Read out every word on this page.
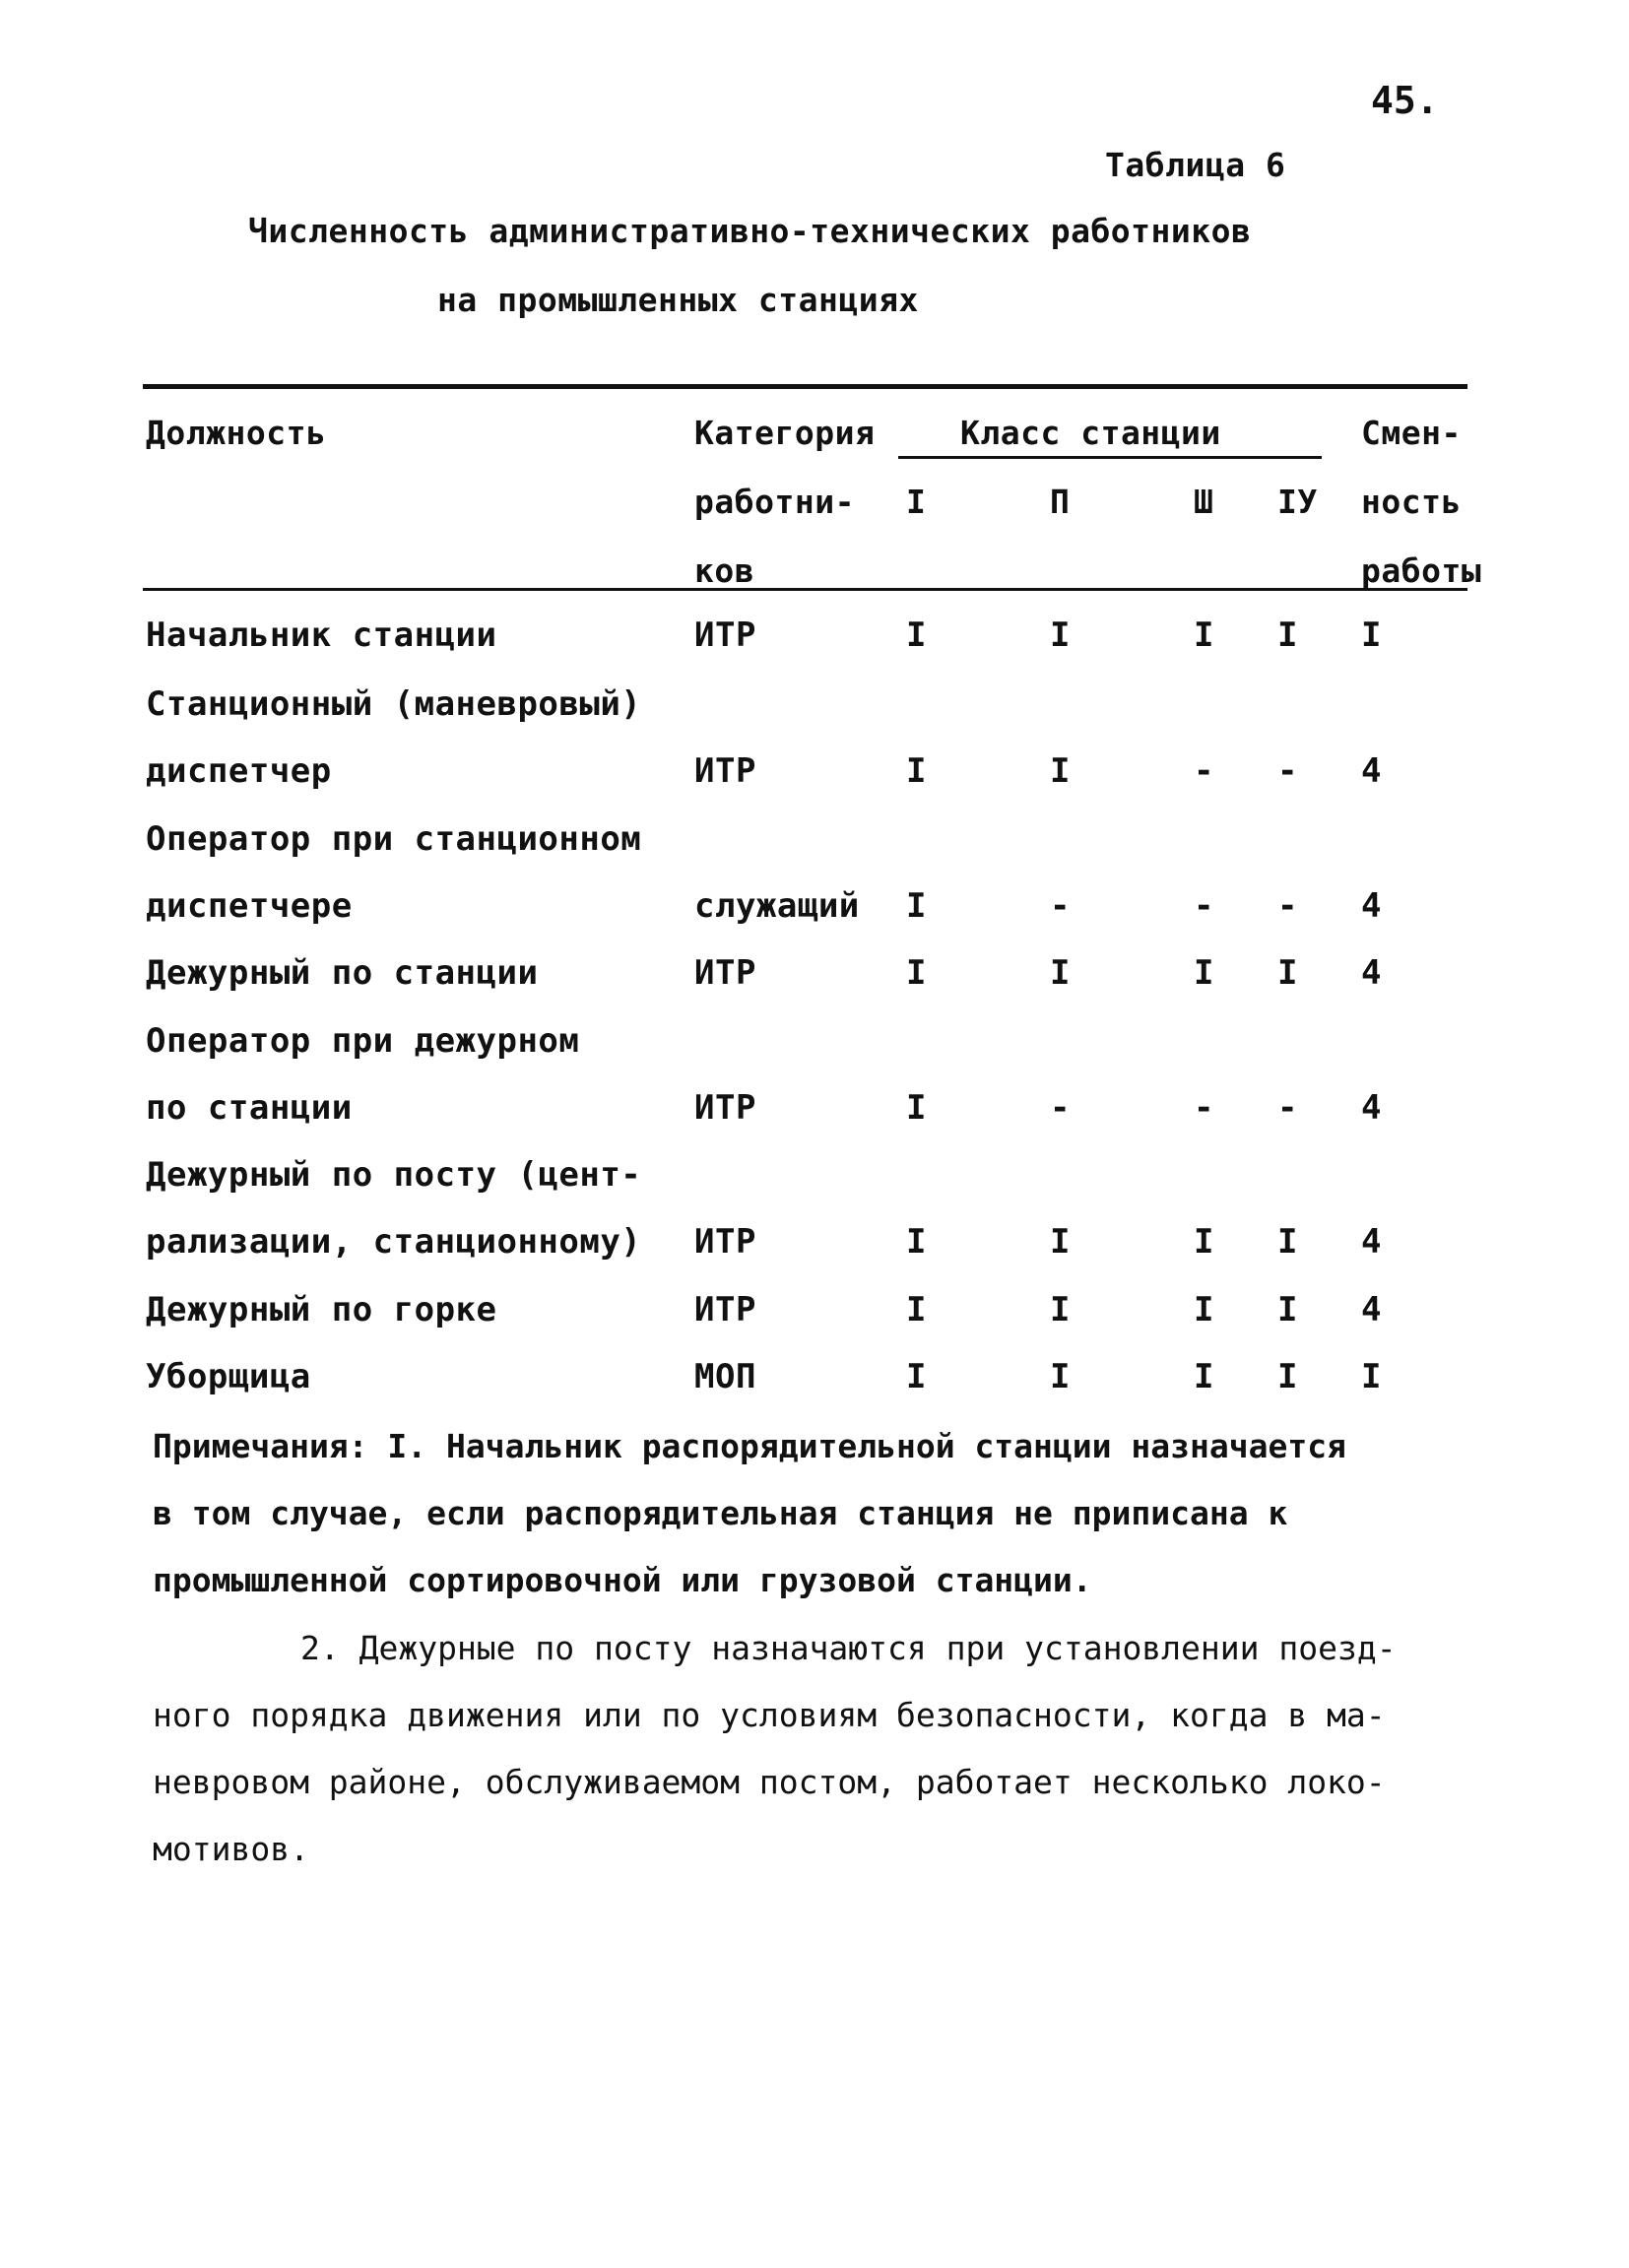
45.
Таблица 6
Численность административно-технических работников
на промышленных станциях
Должность	Категория
работни-
ков
Класс станции
I	П	Ш IУ
Смен-
ность
работы
Начальник станции	ИТР	I	I	I I I
Станционный (маневровый)
диспетчер	ИТР	I	I	- - 4
Оператор при станционном
диспетчере	служащий I	-	- - 4
Дежурный по станции	ИТР	I	I	I I 4
Оператор при дежурном
по станции	ИТР	I	-	- - 4
Дежурный по посту (цент-
рализации, станционному) ИТР	I	I	I I 4
Дежурный по горке	ИТР	I	I	I I 4
Уборщица	МОП	I	I	I I I
Примечания: I. Начальник распорядительной станции назначается
в том случае, если распорядительная станция не приписана к
промышленной сортировочной или грузовой станции.
2. Дежурные по посту назначаются при установлении поезд-
ного порядка движения или по условиям безопасности, когда в ма-
невровом районе, обслуживаемом постом, работает несколько локо-
мотивов.
